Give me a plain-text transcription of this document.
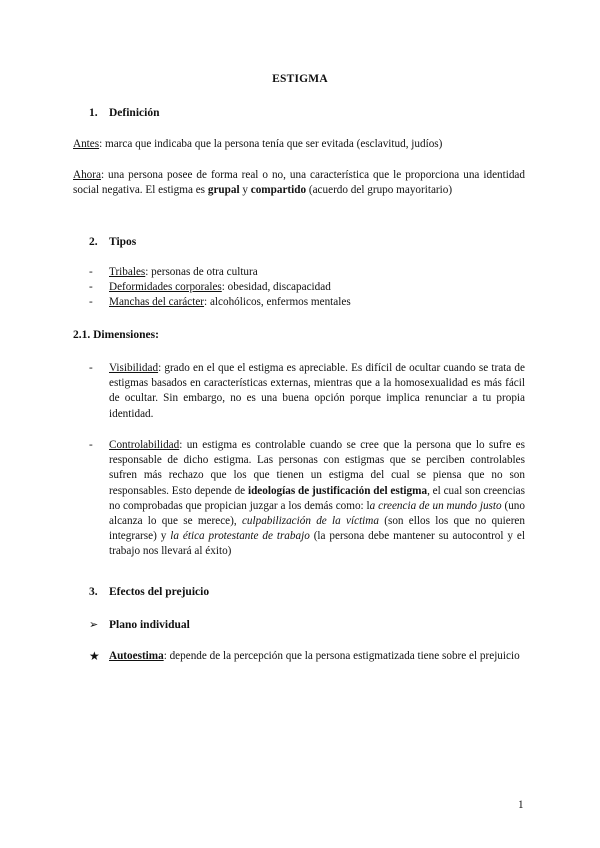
ESTIGMA
1. Definición
Antes: marca que indicaba que la persona tenía que ser evitada (esclavitud, judíos)
Ahora: una persona posee de forma real o no, una característica que le proporciona una identidad social negativa. El estigma es grupal y compartido (acuerdo del grupo mayoritario)
2. Tipos
- Tribales: personas de otra cultura
- Deformidades corporales: obesidad, discapacidad
- Manchas del carácter: alcohólicos, enfermos mentales
2.1. Dimensiones:
- Visibilidad: grado en el que el estigma es apreciable. Es difícil de ocultar cuando se trata de estigmas basados en características externas, mientras que a la homosexualidad es más fácil de ocultar. Sin embargo, no es una buena opción porque implica renunciar a tu propia identidad.
- Controlabilidad: un estigma es controlable cuando se cree que la persona que lo sufre es responsable de dicho estigma. Las personas con estigmas que se perciben controlables sufren más rechazo que los que tienen un estigma del cual se piensa que no son responsables. Esto depende de ideologías de justificación del estigma, el cual son creencias no comprobadas que propician juzgar a los demás como: la creencia de un mundo justo (uno alcanza lo que se merece), culpabilización de la víctima (son ellos los que no quieren integrarse) y la ética protestante de trabajo (la persona debe mantener su autocontrol y el trabajo nos llevará al éxito)
3. Efectos del prejuicio
➢ Plano individual
★ Autoestima: depende de la percepción que la persona estigmatizada tiene sobre el prejuicio
1
